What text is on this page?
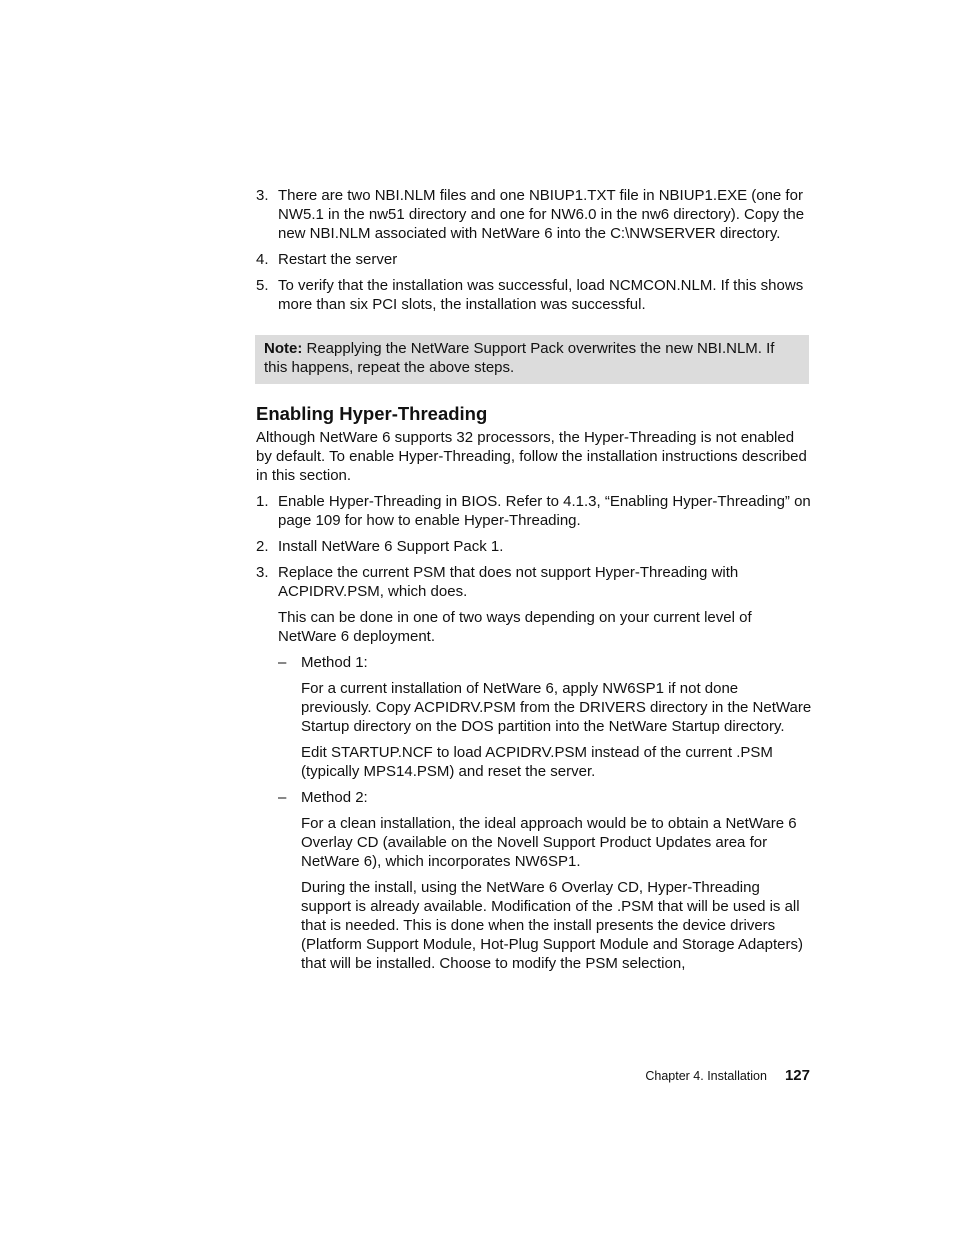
3. There are two NBI.NLM files and one NBIUP1.TXT file in NBIUP1.EXE (one for NW5.1 in the nw51 directory and one for NW6.0 in the nw6 directory). Copy the new NBI.NLM associated with NetWare 6 into the C:\NWSERVER directory.
4. Restart the server
5. To verify that the installation was successful, load NCMCON.NLM. If this shows more than six PCI slots, the installation was successful.
Note: Reapplying the NetWare Support Pack overwrites the new NBI.NLM. If this happens, repeat the above steps.
Enabling Hyper-Threading

Although NetWare 6 supports 32 processors, the Hyper-Threading is not enabled by default. To enable Hyper-Threading, follow the installation instructions described in this section.

1. Enable Hyper-Threading in BIOS. Refer to 4.1.3, “Enabling Hyper-Threading” on page 109 for how to enable Hyper-Threading.
2. Install NetWare 6 Support Pack 1.
3. Replace the current PSM that does not support Hyper-Threading with ACPIDRV.PSM, which does.

This can be done in one of two ways depending on your current level of NetWare 6 deployment.

– Method 1:

For a current installation of NetWare 6, apply NW6SP1 if not done previously. Copy ACPIDRV.PSM from the DRIVERS directory in the NetWare Startup directory on the DOS partition into the NetWare Startup directory.

Edit STARTUP.NCF to load ACPIDRV.PSM instead of the current .PSM (typically MPS14.PSM) and reset the server.

– Method 2:

For a clean installation, the ideal approach would be to obtain a NetWare 6 Overlay CD (available on the Novell Support Product Updates area for NetWare 6), which incorporates NW6SP1.

During the install, using the NetWare 6 Overlay CD, Hyper-Threading support is already available. Modification of the .PSM that will be used is all that is needed. This is done when the install presents the device drivers (Platform Support Module, Hot-Plug Support Module and Storage Adapters) that will be installed. Choose to modify the PSM selection,

Chapter 4. Installation 127
